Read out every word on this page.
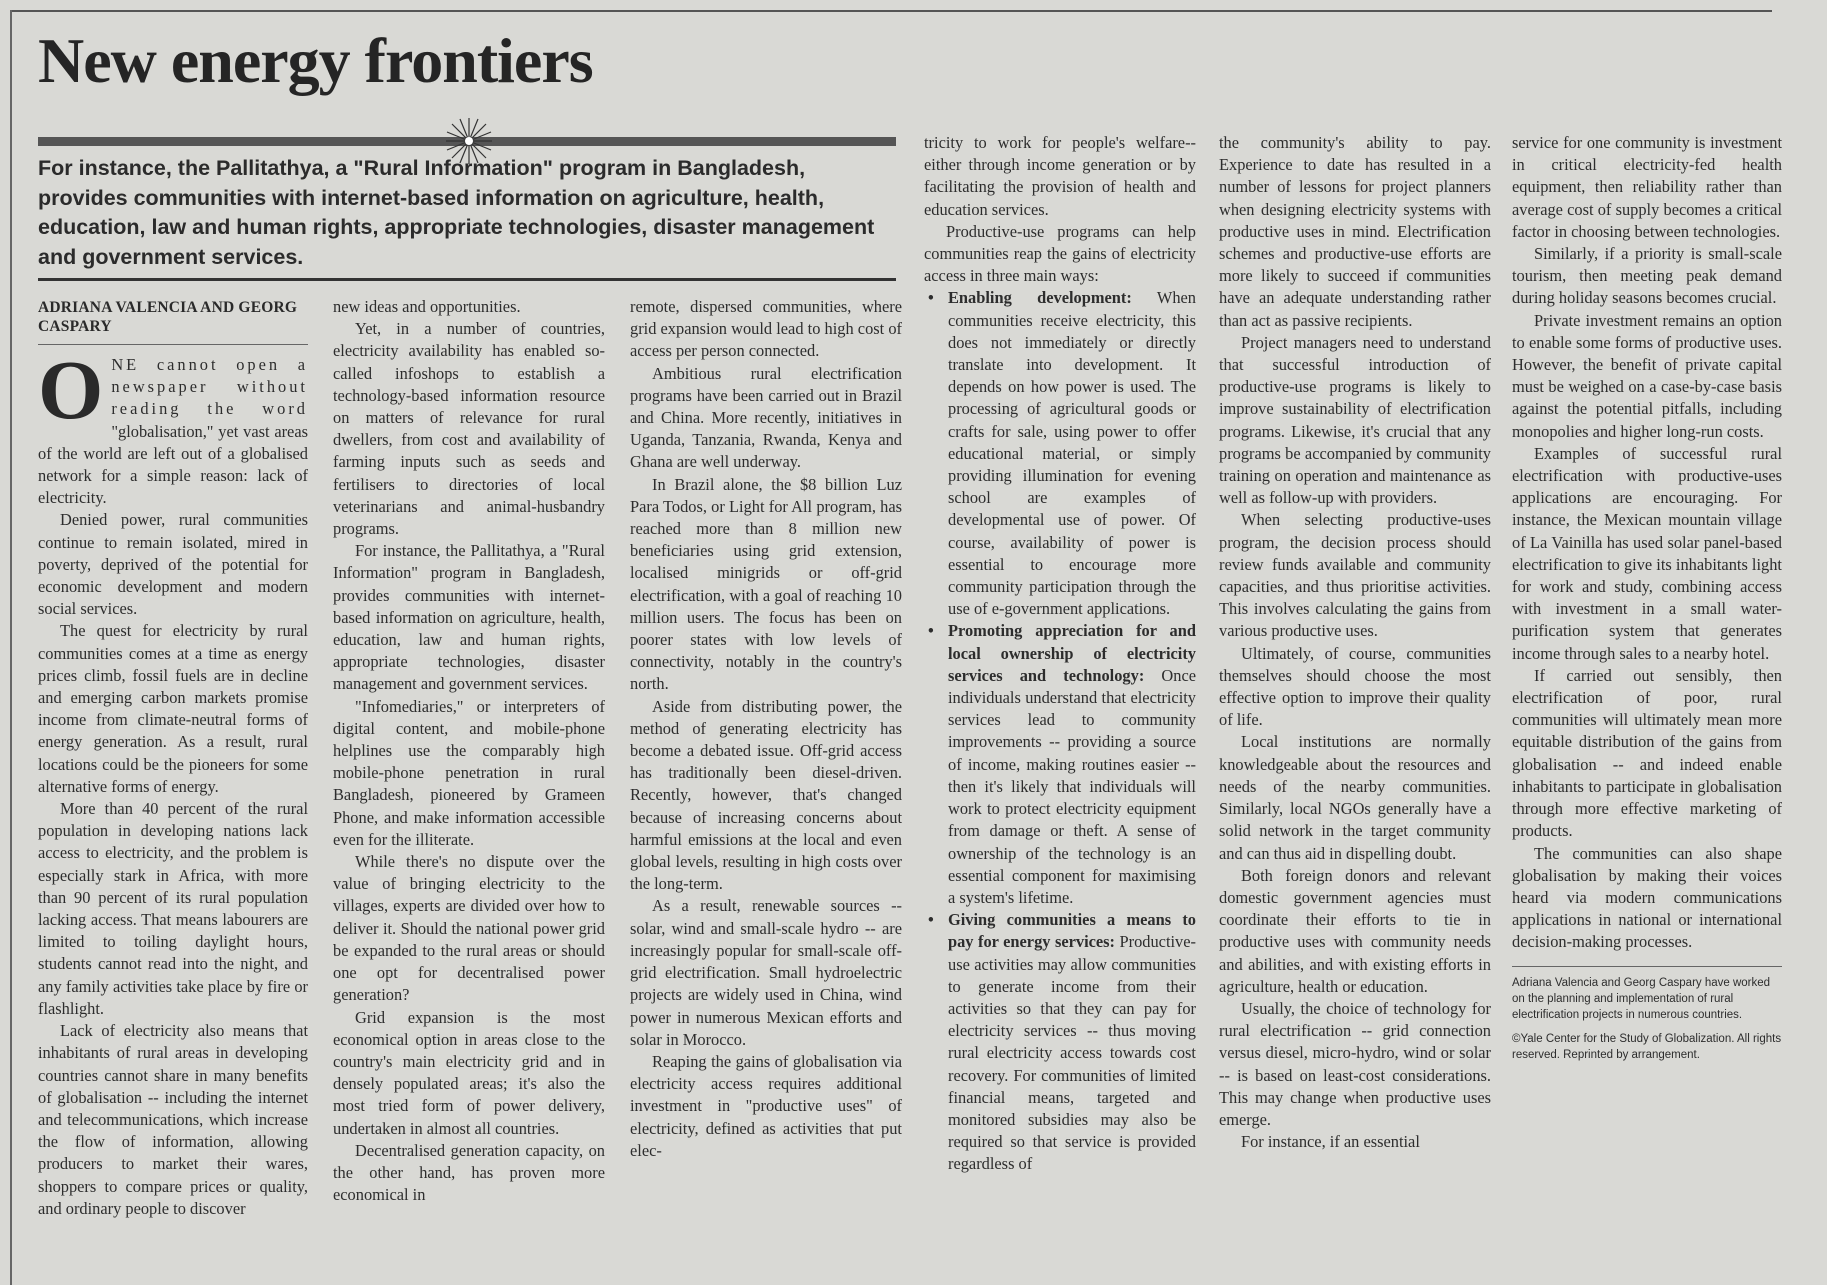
New energy frontiers

For instance, the Pallitathya, a "Rural Information" program in Bangladesh, provides communities with internet-based information on agriculture, health, education, law and human rights, appropriate technologies, disaster management and government services.

ADRIANA VALENCIA AND GEORG CASPARY

ONE cannot open a newspaper without reading the word "globalisation," yet vast areas of the world are left out of a globalised network for a simple reason: lack of electricity.

Denied power, rural communities continue to remain isolated, mired in poverty, deprived of the potential for economic development and modern social services.

The quest for electricity by rural communities comes at a time as energy prices climb, fossil fuels are in decline and emerging carbon markets promise income from climate-neutral forms of energy generation. As a result, rural locations could be the pioneers for some alternative forms of energy.

More than 40 percent of the rural population in developing nations lack access to electricity, and the problem is especially stark in Africa, with more than 90 percent of its rural population lacking access. That means labourers are limited to toiling daylight hours, students cannot read into the night, and any family activities take place by fire or flashlight.

Lack of electricity also means that inhabitants of rural areas in developing countries cannot share in many benefits of globalisation -- including the internet and telecommunications, which increase the flow of information, allowing producers to market their wares, shoppers to compare prices or quality, and ordinary people to discover

new ideas and opportunities.

Yet, in a number of countries, electricity availability has enabled so-called infoshops to establish a technology-based information resource on matters of relevance for rural dwellers, from cost and availability of farming inputs such as seeds and fertilisers to directories of local veterinarians and animal-husbandry programs.

For instance, the Pallitathya, a "Rural Information" program in Bangladesh, provides communities with internet-based information on agriculture, health, education, law and human rights, appropriate technologies, disaster management and government services.

"Infomediaries," or interpreters of digital content, and mobile-phone helplines use the comparably high mobile-phone penetration in rural Bangladesh, pioneered by Grameen Phone, and make information accessible even for the illiterate.

While there's no dispute over the value of bringing electricity to the villages, experts are divided over how to deliver it. Should the national power grid be expanded to the rural areas or should one opt for decentralised power generation?

Grid expansion is the most economical option in areas close to the country's main electricity grid and in densely populated areas; it's also the most tried form of power delivery, undertaken in almost all countries.

Decentralised generation capacity, on the other hand, has proven more economical in

remote, dispersed communities, where grid expansion would lead to high cost of access per person connected.

Ambitious rural electrification programs have been carried out in Brazil and China. More recently, initiatives in Uganda, Tanzania, Rwanda, Kenya and Ghana are well underway.

In Brazil alone, the $8 billion Luz Para Todos, or Light for All program, has reached more than 8 million new beneficiaries using grid extension, localised minigrids or off-grid electrification, with a goal of reaching 10 million users. The focus has been on poorer states with low levels of connectivity, notably in the country's north.

Aside from distributing power, the method of generating electricity has become a debated issue. Off-grid access has traditionally been diesel-driven. Recently, however, that's changed because of increasing concerns about harmful emissions at the local and even global levels, resulting in high costs over the long-term.

As a result, renewable sources -- solar, wind and small-scale hydro -- are increasingly popular for small-scale off-grid electrification. Small hydroelectric projects are widely used in China, wind power in numerous Mexican efforts and solar in Morocco.

Reaping the gains of globalisation via electricity access requires additional investment in "productive uses" of electricity, defined as activities that put elec-

tricity to work for people's welfare-- either through income generation or by facilitating the provision of health and education services.

Productive-use programs can help communities reap the gains of electricity access in three main ways:

• Enabling development: When communities receive electricity, this does not immediately or directly translate into development. It depends on how power is used. The processing of agricultural goods or crafts for sale, using power to offer educational material, or simply providing illumination for evening school are examples of developmental use of power. Of course, availability of power is essential to encourage more community participation through the use of e-government applications.

• Promoting appreciation for and local ownership of electricity services and technology: Once individuals understand that electricity services lead to community improvements -- providing a source of income, making routines easier -- then it's likely that individuals will work to protect electricity equipment from damage or theft. A sense of ownership of the technology is an essential component for maximising a system's lifetime.

• Giving communities a means to pay for energy services: Productive-use activities may allow communities to generate income from their activities so that they can pay for electricity services -- thus moving rural electricity access towards cost recovery. For communities of limited financial means, targeted and monitored subsidies may also be required so that service is provided regardless of

the community's ability to pay. Experience to date has resulted in a number of lessons for project planners when designing electricity systems with productive uses in mind. Electrification schemes and productive-use efforts are more likely to succeed if communities have an adequate understanding rather than act as passive recipients.

Project managers need to understand that successful introduction of productive-use programs is likely to improve sustainability of electrification programs. Likewise, it's crucial that any programs be accompanied by community training on operation and maintenance as well as follow-up with providers.

When selecting productive-uses program, the decision process should review funds available and community capacities, and thus prioritise activities. This involves calculating the gains from various productive uses.

Ultimately, of course, communities themselves should choose the most effective option to improve their quality of life.

Local institutions are normally knowledgeable about the resources and needs of the nearby communities. Similarly, local NGOs generally have a solid network in the target community and can thus aid in dispelling doubt.

Both foreign donors and relevant domestic government agencies must coordinate their efforts to tie in productive uses with community needs and abilities, and with existing efforts in agriculture, health or education.

Usually, the choice of technology for rural electrification -- grid connection versus diesel, micro-hydro, wind or solar -- is based on least-cost considerations. This may change when productive uses emerge.

For instance, if an essential

service for one community is investment in critical electricity-fed health equipment, then reliability rather than average cost of supply becomes a critical factor in choosing between technologies.

Similarly, if a priority is small-scale tourism, then meeting peak demand during holiday seasons becomes crucial.

Private investment remains an option to enable some forms of productive uses. However, the benefit of private capital must be weighed on a case-by-case basis against the potential pitfalls, including monopolies and higher long-run costs.

Examples of successful rural electrification with productive-uses applications are encouraging. For instance, the Mexican mountain village of La Vainilla has used solar panel-based electrification to give its inhabitants light for work and study, combining access with investment in a small water-purification system that generates income through sales to a nearby hotel.

If carried out sensibly, then electrification of poor, rural communities will ultimately mean more equitable distribution of the gains from globalisation -- and indeed enable inhabitants to participate in globalisation through more effective marketing of products.

The communities can also shape globalisation by making their voices heard via modern communications applications in national or international decision-making processes.

Adriana Valencia and Georg Caspary have worked on the planning and implementation of rural electrification projects in numerous countries.

©Yale Center for the Study of Globalization. All rights reserved. Reprinted by arrangement.
